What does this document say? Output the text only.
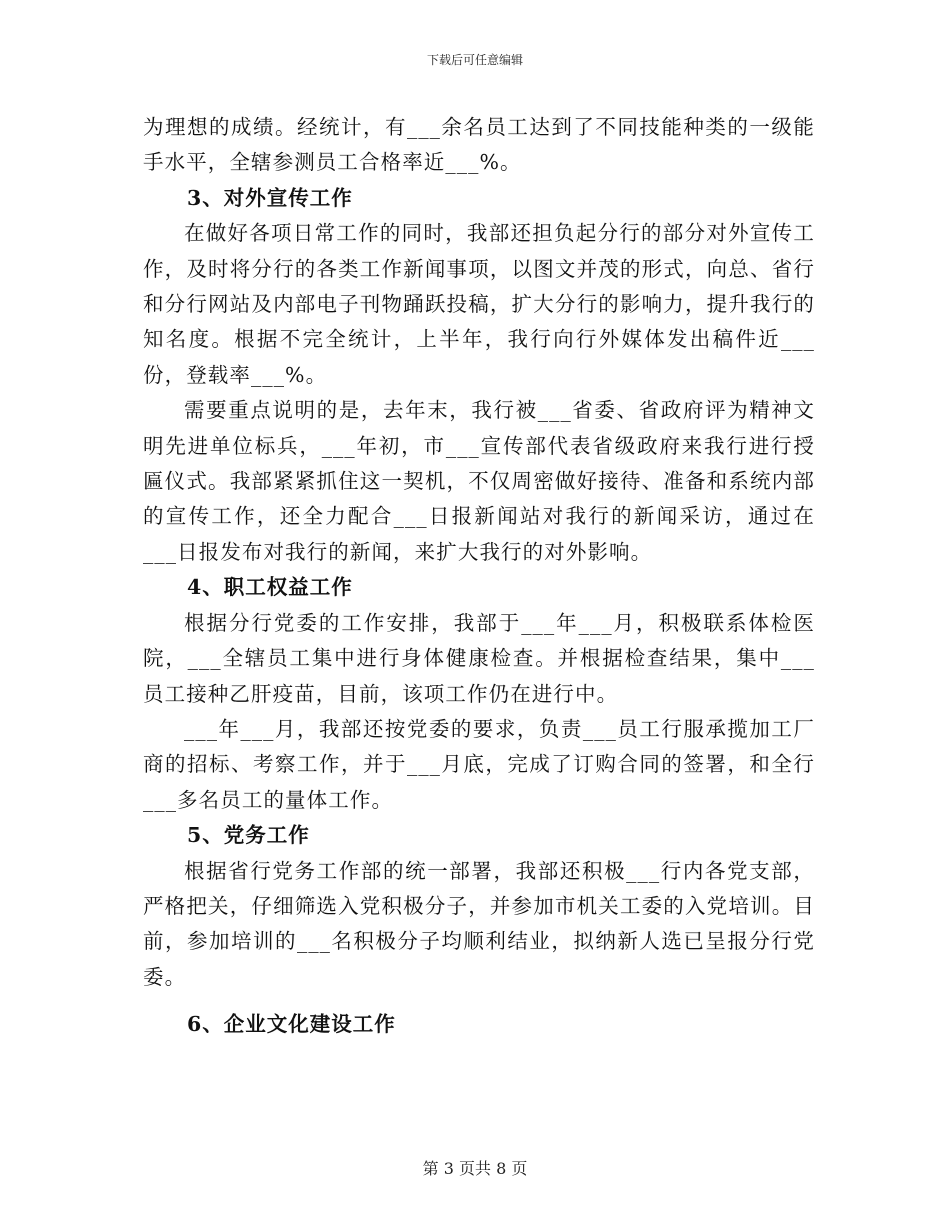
下载后可任意编辑

为理想的成绩。经统计，有___余名员工达到了不同技能种类的一级能手水平，全辖参测员工合格率近___%。

3、对外宣传工作

在做好各项日常工作的同时，我部还担负起分行的部分对外宣传工作，及时将分行的各类工作新闻事项，以图文并茂的形式，向总、省行和分行网站及内部电子刊物踊跃投稿，扩大分行的影响力，提升我行的知名度。根据不完全统计，上半年，我行向行外媒体发出稿件近___份，登载率___%。

需要重点说明的是，去年末，我行被___省委、省政府评为精神文明先进单位标兵，___年初，市___宣传部代表省级政府来我行进行授匾仪式。我部紧紧抓住这一契机，不仅周密做好接待、准备和系统内部的宣传工作，还全力配合___日报新闻站对我行的新闻采访，通过在___日报发布对我行的新闻，来扩大我行的对外影响。

4、职工权益工作

根据分行党委的工作安排，我部于___年___月，积极联系体检医院，___全辖员工集中进行身体健康检查。并根据检查结果，集中___员工接种乙肝疫苗，目前，该项工作仍在进行中。

___年___月，我部还按党委的要求，负责___员工行服承揽加工厂商的招标、考察工作，并于___月底，完成了订购合同的签署，和全行___多名员工的量体工作。

5、党务工作

根据省行党务工作部的统一部署，我部还积极___行内各党支部，严格把关，仔细筛选入党积极分子，并参加市机关工委的入党培训。目前，参加培训的___名积极分子均顺利结业，拟纳新人选已呈报分行党委。

6、企业文化建设工作
第 3 页共 8 页
